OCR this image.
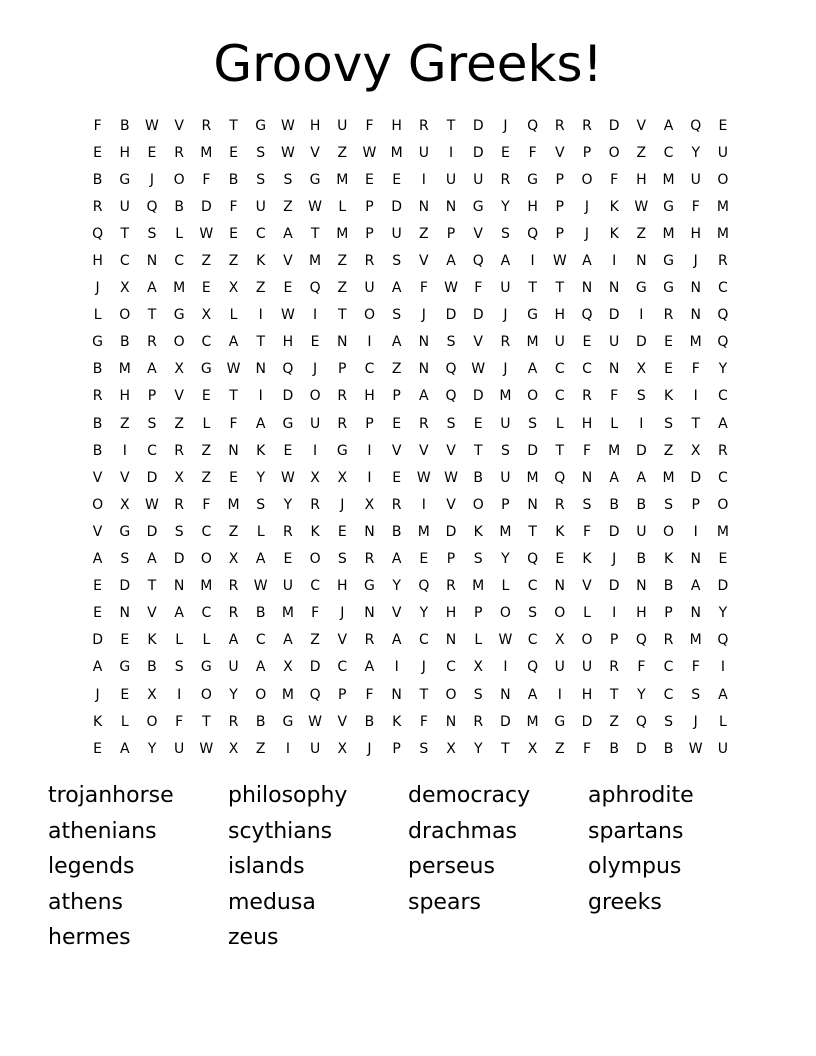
Groovy Greeks!
F	B	W	V	R	T	G	W	H	U	F	H	R	T	D	J	Q	R	R	D	V	A	Q	E
E	H	E	R	M	E	S	W	V	Z	W	M	U	I	D	E	F	V	P	O	Z	C	Y	U
B	G	J	O	F	B	S	S	G	M	E	E	I	U	U	R	G	P	O	F	H	M	U	O
R	U	Q	B	D	F	U	Z	W	L	P	D	N	N	G	Y	H	P	J	K	W	G	F	M
Q	T	S	L	W	E	C	A	T	M	P	U	Z	P	V	S	Q	P	J	K	Z	M	H	M
H	C	N	C	Z	Z	K	V	M	Z	R	S	V	A	Q	A	I	W	A	I	N	G	J	R
J	X	A	M	E	X	Z	E	Q	Z	U	A	F	W	F	U	T	T	N	N	G	G	N	C
L	O	T	G	X	L	I	W	I	T	O	S	J	D	D	J	G	H	Q	D	I	R	N	Q
G	B	R	O	C	A	T	H	E	N	I	A	N	S	V	R	M	U	E	U	D	E	M	Q
B	M	A	X	G	W	N	Q	J	P	C	Z	N	Q	W	J	A	C	C	N	X	E	F	Y
R	H	P	V	E	T	I	D	O	R	H	P	A	Q	D	M	O	C	R	F	S	K	I	C
B	Z	S	Z	L	F	A	G	U	R	P	E	R	S	E	U	S	L	H	L	I	S	T	A
B	I	C	R	Z	N	K	E	I	G	I	V	V	V	T	S	D	T	F	M	D	Z	X	R
V	V	D	X	Z	E	Y	W	X	X	I	E	W W	B	U	M	Q	N	A	A	M	D	C
O	X	W	R	F	M	S	Y	R	J	X	R	I	V	O	P	N	R	S	B	B	S	P	O
V	G	D	S	C	Z	L	R	K	E	N	B	M	D	K	M	T	K	F	D	U	O	I	M
A	S	A	D	O	X	A	E	O	S	R	A	E	P	S	Y	Q	E	K	J	B	K	N	E
E	D	T	N	M	R	W	U	C	H	G	Y	Q	R	M	L	C	N	V	D	N	B	A	D
E	N	V	A	C	R	B	M	F	J	N	V	Y	H	P	O	S	O	L	I	H	P	N	Y
D	E	K	L	L	A	C	A	Z	V	R	A	C	N	L	W	C	X	O	P	Q	R	M	Q
A	G	B	S	G	U	A	X	D	C	A	I	J	C	X	I	Q	U	U	R	F	C	F	I
J	E	X	I	O	Y	O	M	Q	P	F	N	T	O	S	N	A	I	H	T	Y	C	S	A
K	L	O	F	T	R	B	G	W	V	B	K	F	N	R	D	M	G	D	Z	Q	S	J	L
E	A	Y	U	W	X	Z	I	U	X	J	P	S	X	Y	T	X	Z	F	B	D	B	W	U
trojanhorse	philosophy	democracy	aphrodite
athenians	scythians	drachmas	spartans
legends	islands	perseus	olympus
athens	medusa	spears	greeks
hermes	zeus
